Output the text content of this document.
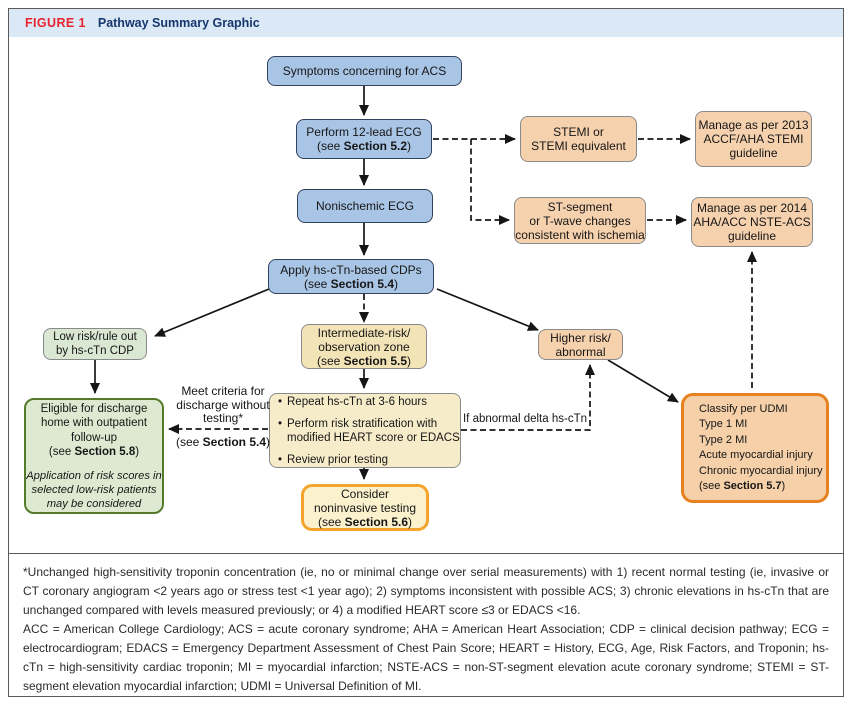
FIGURE 1 Pathway Summary Graphic
Symptoms concerning for ACS
Perform 12-lead ECG
(see Section 5.2)
STEMI or
STEMI equivalent
Manage as per 2013
ACCF/AHA STEMI
guideline
Nonischemic ECG	ST-segment
or T-wave changes
consistent with ischemia
Manage as per 2014
AHA/ACC NSTE-ACS
guideline
Apply hs-cTn-based CDPs
(see Section 5.4)
Low risk/rule out
by hs-cTn CDP
Intermediate-risk/
observation zone
(see Section 5.5)
Higher risk/
abnormal
Eligible for discharge
home with outpatient
follow-up
(see Section 5.8)
Application of risk scores in
selected low-risk patients
may be considered
• Repeat hs-cTn at 3-6 hours
• Perform risk stratification with
modified HEART score or EDACS
• Review prior testing
Consider
noninvasive testing
(see Section 5.6)
Classify per UDMI
Type 1 MI
Type 2 MI
Acute myocardial injury
Chronic myocardial injury
(see Section 5.7)
Meet criteria for
discharge without
testing*
(see Section 5.4)
If abnormal delta hs-cTn

*Unchanged high-sensitivity troponin concentration (ie, no or minimal change over serial measurements) with 1) recent normal testing (ie, invasive or CT coronary angiogram <2 years ago or stress test <1 year ago); 2) symptoms inconsistent with possible ACS; 3) chronic elevations in hs-cTn that are unchanged compared with levels measured previously; or 4) a modified HEART score ≤3 or EDACS <16.

ACC = American College Cardiology; ACS = acute coronary syndrome; AHA = American Heart Association; CDP = clinical decision pathway; ECG = electrocardiogram; EDACS = Emergency Department Assessment of Chest Pain Score; HEART = History, ECG, Age, Risk Factors, and Troponin; hs-cTn = high-sensitivity cardiac troponin; MI = myocardial infarction; NSTE-ACS = non-ST-segment elevation acute coronary syndrome; STEMI = ST-segment elevation myocardial infarction; UDMI = Universal Definition of MI.
